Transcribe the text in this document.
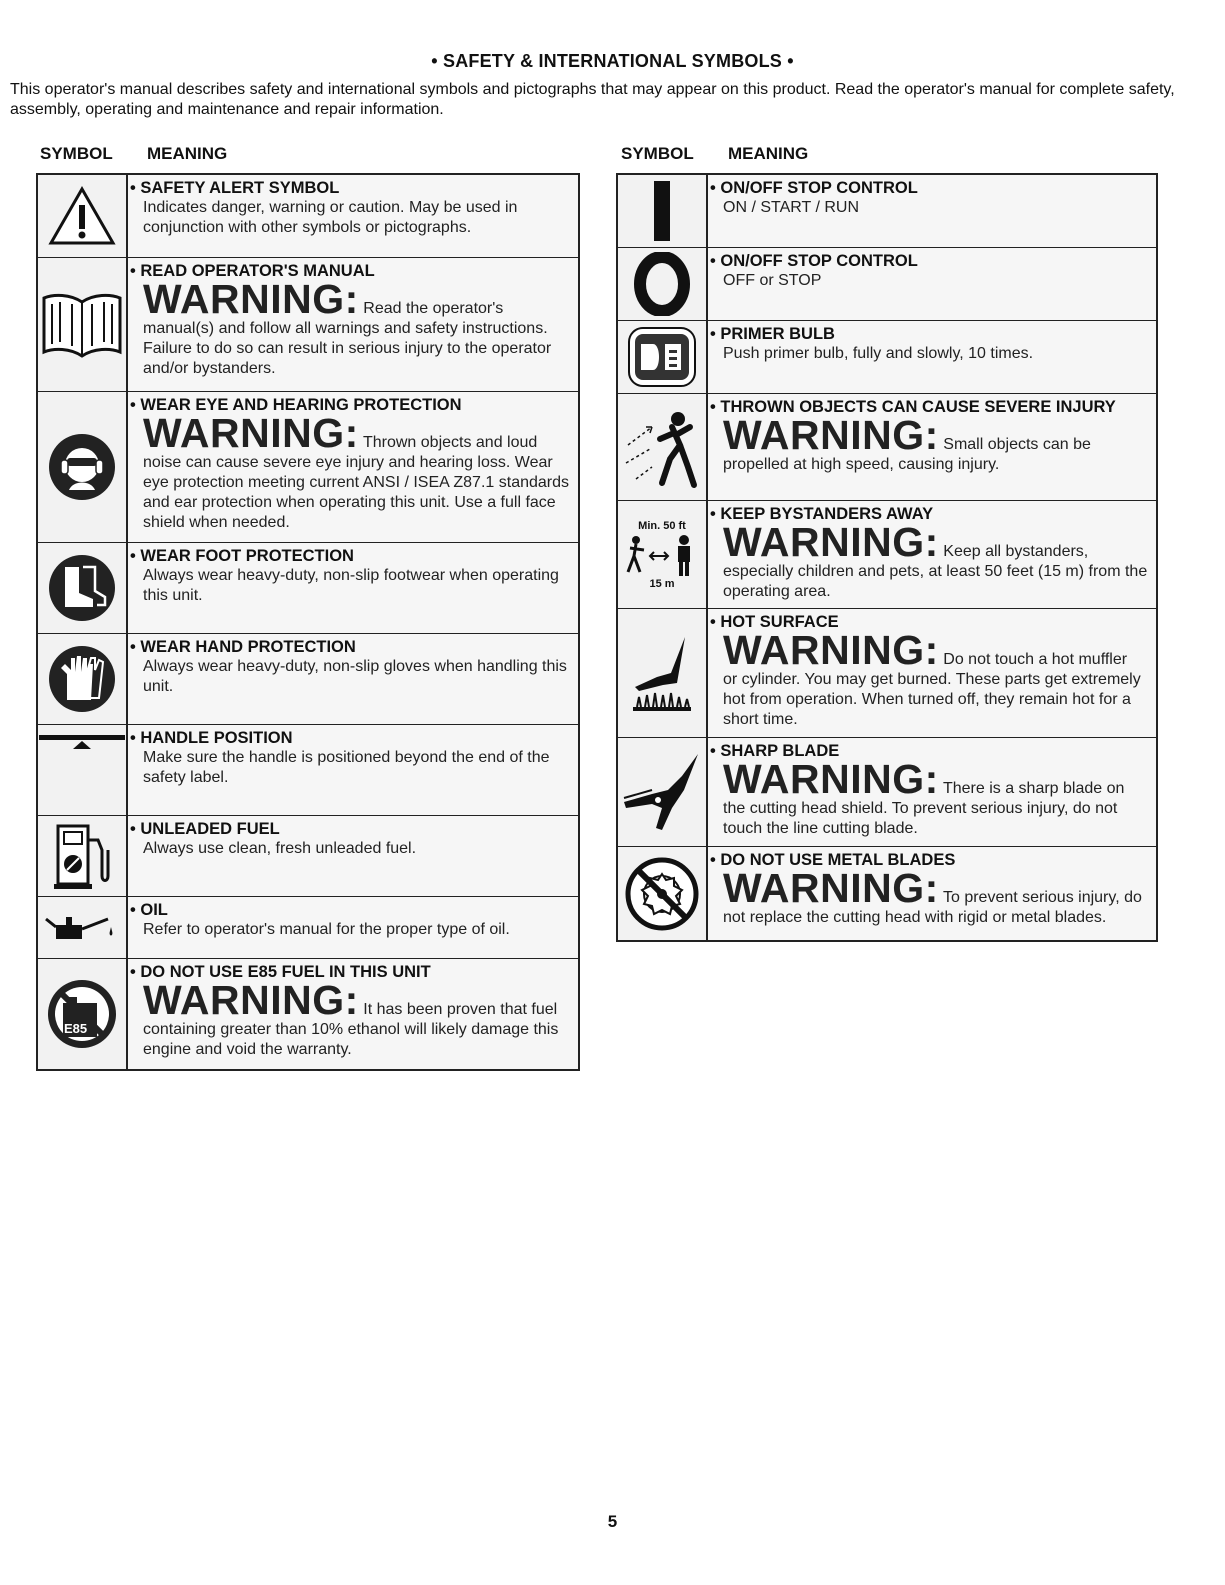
• SAFETY & INTERNATIONAL SYMBOLS •
This operator's manual describes safety and international symbols and pictographs that may appear on this product. Read the operator's manual for complete safety, assembly, operating and maintenance and repair information.
SYMBOL MEANING	SYMBOL MEANING
• SAFETY ALERT SYMBOL
Indicates danger, warning or caution. May be used in conjunction with other symbols or pictographs.
• READ OPERATOR'S MANUAL
WARNING: Read the operator's
manual(s) and follow all warnings and safety instructions. Failure to do so can result in serious injury to the operator and/or bystanders.
• WEAR EYE AND HEARING PROTECTION
WARNING: Thrown objects and loud
noise can cause severe eye injury and hearing loss. Wear eye protection meeting current ANSI / ISEA Z87.1 standards and ear protection when operating this unit. Use a full face shield when needed.
• WEAR FOOT PROTECTION
Always wear heavy-duty, non-slip footwear when operating this unit.
• WEAR HAND PROTECTION
Always wear heavy-duty, non-slip gloves when handling this unit.
• HANDLE POSITION
Make sure the handle is positioned beyond the end of the safety label.
• UNLEADED FUEL
Always use clean, fresh unleaded fuel.
• OIL
Refer to operator's manual for the proper type of oil.
E85
• DO NOT USE E85 FUEL IN THIS UNIT
WARNING: It has been proven that fuel
containing greater than 10% ethanol will likely damage this engine and void the warranty.
• ON/OFF STOP CONTROL
ON / START / RUN
• ON/OFF STOP CONTROL
OFF or STOP
• PRIMER BULB
Push primer bulb, fully and slowly, 10 times.
• THROWN OBJECTS CAN CAUSE SEVERE INJURY
WARNING: Small objects can be
propelled at high speed, causing injury.
Min. 50 ft
15 m
• KEEP BYSTANDERS AWAY
WARNING: Keep all bystanders,
especially children and pets, at least 50 feet (15 m) from the operating area.
• HOT SURFACE
WARNING: Do not touch a hot muffler
or cylinder. You may get burned. These parts get extremely hot from operation. When turned off, they remain hot for a short time.
• SHARP BLADE
WARNING: There is a sharp blade on
the cutting head shield. To prevent serious injury, do not touch the line cutting blade.
• DO NOT USE METAL BLADES
WARNING: To prevent serious injury, do
not replace the cutting head with rigid or metal blades.
5
